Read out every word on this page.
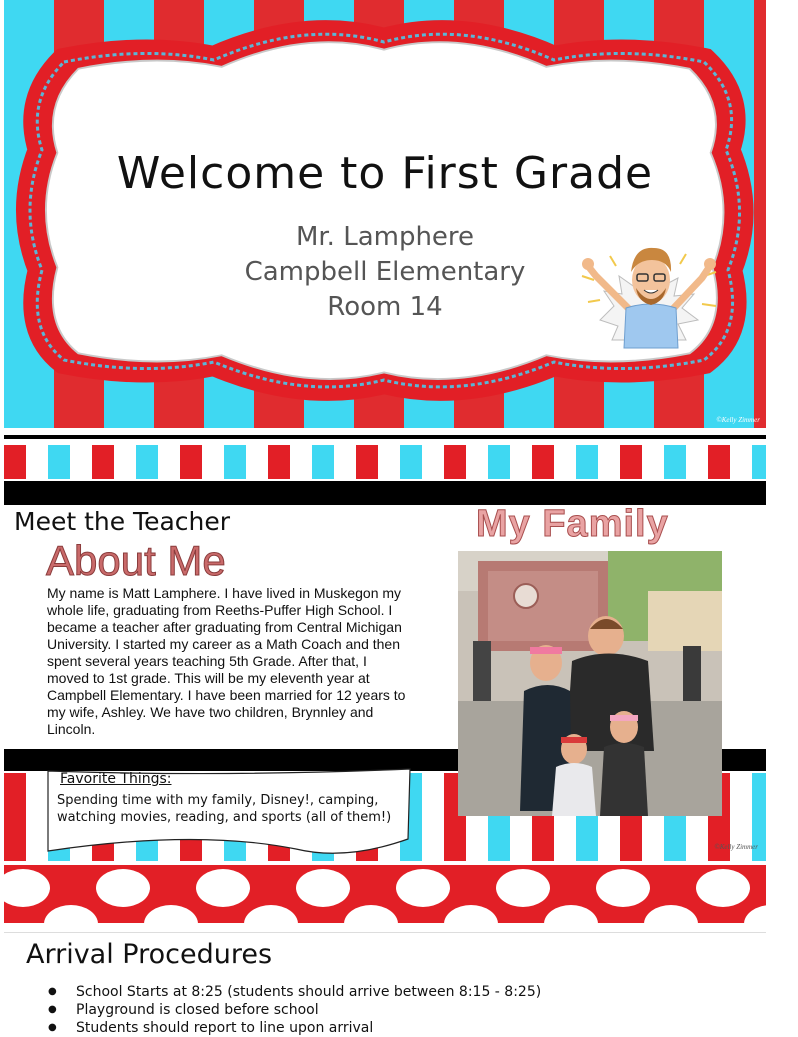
Welcome to First Grade
Mr. Lamphere
Campbell Elementary
Room 14
©Kelly Zimmer
Meet the Teacher
About Me
My Family
My name is Matt Lamphere. I have lived in Muskegon my whole life, graduating from Reeths-Puffer High School. I became a teacher after graduating from Central Michigan University. I started my career as a Math Coach and then spent several years teaching 5th Grade. After that, I moved to 1st grade. This will be my eleventh year at Campbell Elementary. I have been married for 12 years to my wife, Ashley. We have two children, Brynnley and Lincoln.
Favorite Things:
Spending time with my family, Disney!, camping, watching movies, reading, and sports (all of them!)
©Kelly Zimmer
Arrival Procedures
● School Starts at 8:25 (students should arrive between 8:15 - 8:25)
● Playground is closed before school
● Students should report to line upon arrival
